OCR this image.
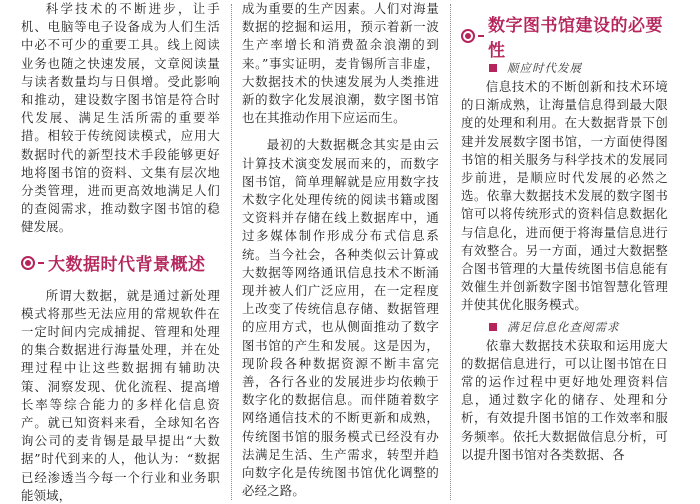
科学技术的不断进步，让手机、电脑等电子设备成为人们生活中必不可少的重要工具。线上阅读业务也随之快速发展，文章阅读量与读者数量均与日俱增。受此影响和推动，建设数字图书馆是符合时代发展、满足生活所需的重要举措。相较于传统阅读模式，应用大数据时代的新型技术手段能够更好地将图书馆的资料、文集有层次地分类管理，进而更高效地满足人们的查阅需求，推动数字图书馆的稳健发展。

大数据时代背景概述

所谓大数据，就是通过新处理模式将那些无法应用的常规软件在一定时间内完成捕捉、管理和处理的集合数据进行海量处理，并在处理过程中让这些数据拥有辅助决策、洞察发现、优化流程、提高增长率等综合能力的多样化信息资产。就已知资料来看，全球知名咨询公司的麦肯锡是最早提出“大数据”时代到来的人，他认为：“数据已经渗透当今每一个行业和业务职能领域，

成为重要的生产因素。人们对海量数据的挖掘和运用，预示着新一波生产率增长和消费盈余浪潮的到来。”事实证明，麦肯锡所言非虚，大数据技术的快速发展为人类推进新的数字化发展浪潮，数字图书馆也在其推动作用下应运而生。

最初的大数据概念其实是由云计算技术演变发展而来的，而数字图书馆，简单理解就是应用数字技术数字化处理传统的阅读书籍或图文资料并存储在线上数据库中，通过多媒体制作形成分布式信息系统。当今社会，各种类似云计算或大数据等网络通讯信息技术不断涌现并被人们广泛应用，在一定程度上改变了传统信息存储、数据管理的应用方式，也从侧面推动了数字图书馆的产生和发展。这是因为，现阶段各种数据资源不断丰富完善，各行各业的发展进步均依赖于数字化的数据信息。而伴随着数字网络通信技术的不断更新和成熟，传统图书馆的服务模式已经没有办法满足生活、生产需求，转型并趋向数字化是传统图书馆优化调整的必经之路。

数字图书馆建设的必要性
顺应时代发展

信息技术的不断创新和技术环境的日渐成熟，让海量信息得到最大限度的处理和利用。在大数据背景下创建并发展数字图书馆，一方面使得图书馆的相关服务与科学技术的发展同步前进，是顺应时代发展的必然之选。依靠大数据技术发展的数字图书馆可以将传统形式的资料信息数据化与信息化，进而便于将海量信息进行有效整合。另一方面，通过大数据整合图书管理的大量传统图书信息能有效催生并创新数字图书馆智慧化管理并使其优化服务模式。

满足信息化查阅需求

依靠大数据技术获取和运用庞大的数据信息进行，可以让图书馆在日常的运作过程中更好地处理资料信息，通过数字化的储存、处理和分析，有效提升图书馆的工作效率和服务频率。依托大数据做信息分析，可以提升图书馆对各类数据、各
